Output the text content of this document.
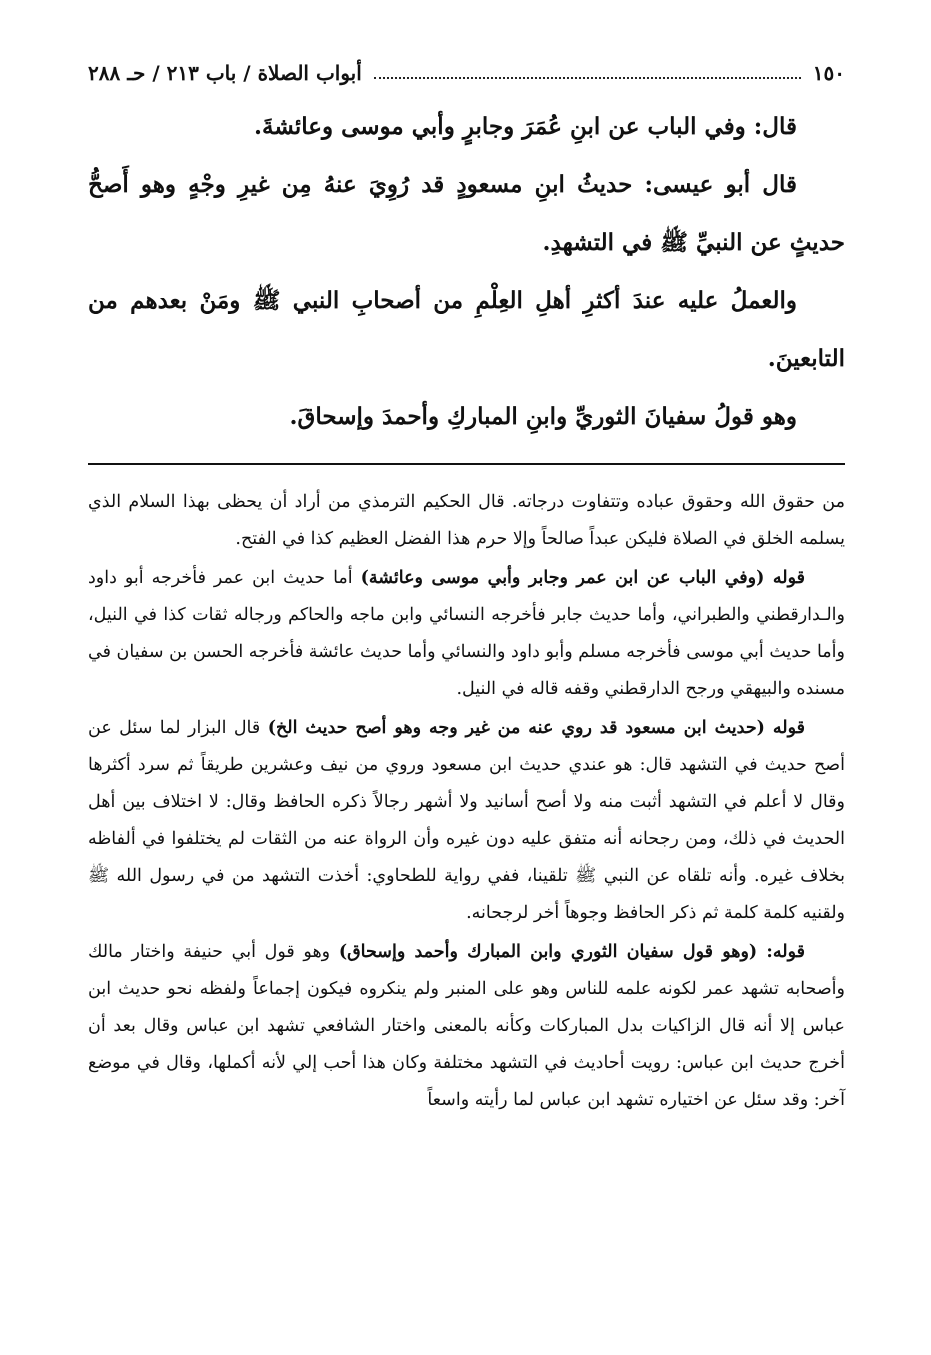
١٥٠
أبواب الصلاة / باب ٢١٣ / حـ ٢٨٨

قال: وفي الباب عن ابنِ عُمَرَ وجابرٍ وأبي موسى وعائشةَ.

قال أبو عيسى: حديثُ ابنِ مسعودٍ قد رُوِيَ عنهُ مِن غيرِ وجْهٍ وهو أَصحُّ حديثٍ عن النبيِّ ﷺ في التشهدِ.

والعملُ عليه عندَ أكثرِ أهلِ العِلْمِ من أصحابِ النبي ﷺ ومَنْ بعدهم من التابعينَ.

وهو قولُ سفيانَ الثوريِّ وابنِ المباركِ وأحمدَ وإسحاقَ.

من حقوق الله وحقوق عباده وتتفاوت درجاته. قال الحكيم الترمذي من أراد أن يحظى بهذا السلام الذي يسلمه الخلق في الصلاة فليكن عبداً صالحاً وإلا حرم هذا الفضل العظيم كذا في الفتح.

قوله (وفي الباب عن ابن عمر وجابر وأبي موسى وعائشة) أما حديث ابن عمر فأخرجه أبو داود والـدارقطني والطبراني، وأما حديث جابر فأخرجه النسائي وابن ماجه والحاكم ورجاله ثقات كذا في النيل، وأما حديث أبي موسى فأخرجه مسلم وأبو داود والنسائي وأما حديث عائشة فأخرجه الحسن بن سفيان في مسنده والبيهقي ورجح الدارقطني وقفه قاله في النيل.

قوله (حديث ابن مسعود قد روي عنه من غير وجه وهو أصح حديث الخ) قال البزار لما سئل عن أصح حديث في التشهد قال: هو عندي حديث ابن مسعود وروي من نيف وعشرين طريقاً ثم سرد أكثرها وقال لا أعلم في التشهد أثبت منه ولا أصح أسانيد ولا أشهر رجالاً ذكره الحافظ وقال: لا اختلاف بين أهل الحديث في ذلك، ومن رجحانه أنه متفق عليه دون غيره وأن الرواة عنه من الثقات لم يختلفوا في ألفاظه بخلاف غيره. وأنه تلقاه عن النبي ﷺ تلقينا، ففي رواية للطحاوي: أخذت التشهد من في رسول الله ﷺ ولقنيه كلمة كلمة ثم ذكر الحافظ وجوهاً أخر لرجحانه.

قوله: (وهو قول سفيان الثوري وابن المبارك وأحمد وإسحاق) وهو قول أبي حنيفة واختار مالك وأصحابه تشهد عمر لكونه علمه للناس وهو على المنبر ولم ينكروه فيكون إجماعاً ولفظه نحو حديث ابن عباس إلا أنه قال الزاكيات بدل المباركات وكأنه بالمعنى واختار الشافعي تشهد ابن عباس وقال بعد أن أخرج حديث ابن عباس: رويت أحاديث في التشهد مختلفة وكان هذا أحب إلي لأنه أكملها، وقال في موضع آخر: وقد سئل عن اختياره تشهد ابن عباس لما رأيته واسعاً
